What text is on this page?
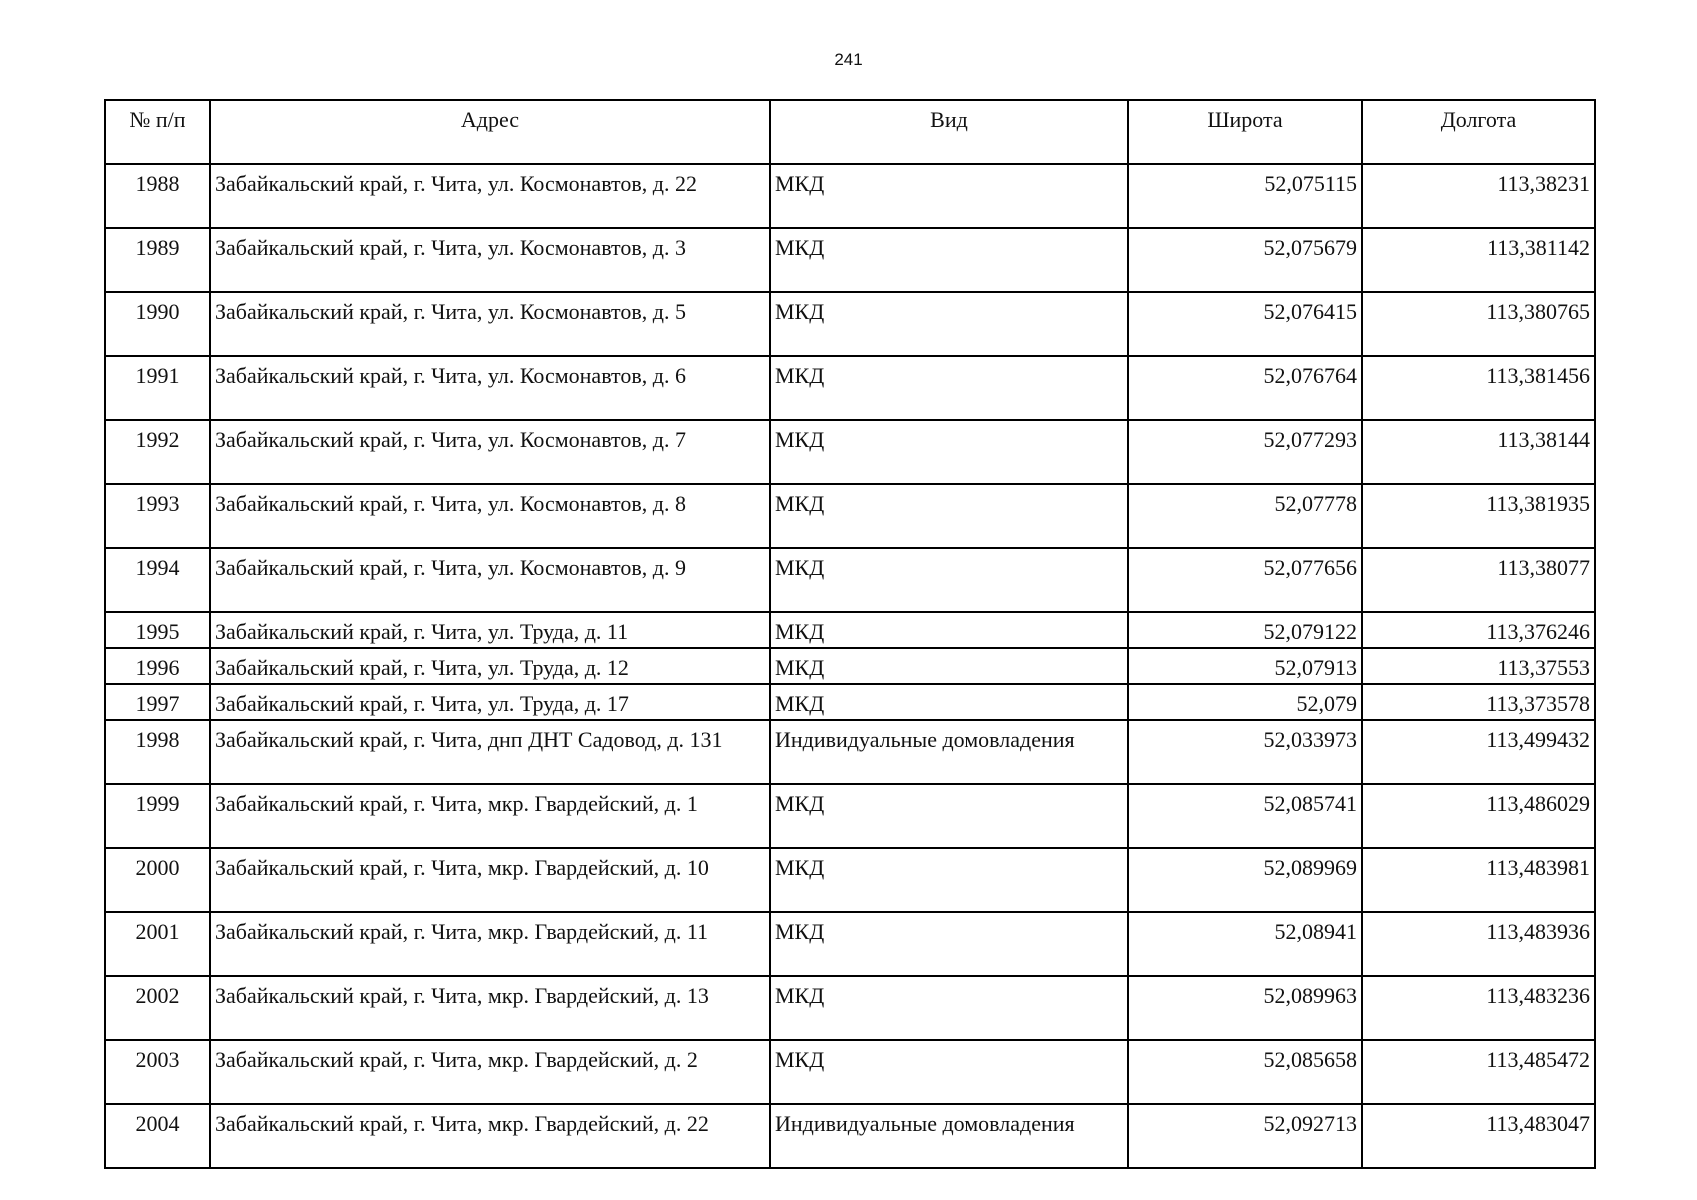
241
№ п/п	Адрес	Вид	Широта	Долгота
1988	Забайкальский край, г. Чита, ул. Космонавтов, д. 22	МКД	52,075115	113,38231
1989	Забайкальский край, г. Чита, ул. Космонавтов, д. 3	МКД	52,075679	113,381142
1990	Забайкальский край, г. Чита, ул. Космонавтов, д. 5	МКД	52,076415	113,380765
1991	Забайкальский край, г. Чита, ул. Космонавтов, д. 6	МКД	52,076764	113,381456
1992	Забайкальский край, г. Чита, ул. Космонавтов, д. 7	МКД	52,077293	113,38144
1993	Забайкальский край, г. Чита, ул. Космонавтов, д. 8	МКД	52,07778	113,381935
1994	Забайкальский край, г. Чита, ул. Космонавтов, д. 9	МКД	52,077656	113,38077
1995	Забайкальский край, г. Чита, ул. Труда, д. 11	МКД	52,079122	113,376246
1996	Забайкальский край, г. Чита, ул. Труда, д. 12	МКД	52,07913	113,37553
1997	Забайкальский край, г. Чита, ул. Труда, д. 17	МКД	52,079	113,373578
1998	Забайкальский край, г. Чита, днп ДНТ Садовод, д. 131	Индивидуальные домовладения	52,033973	113,499432
1999	Забайкальский край, г. Чита, мкр. Гвардейский, д. 1	МКД	52,085741	113,486029
2000	Забайкальский край, г. Чита, мкр. Гвардейский, д. 10	МКД	52,089969	113,483981
2001	Забайкальский край, г. Чита, мкр. Гвардейский, д. 11	МКД	52,08941	113,483936
2002	Забайкальский край, г. Чита, мкр. Гвардейский, д. 13	МКД	52,089963	113,483236
2003	Забайкальский край, г. Чита, мкр. Гвардейский, д. 2	МКД	52,085658	113,485472
2004	Забайкальский край, г. Чита, мкр. Гвардейский, д. 22	Индивидуальные домовладения	52,092713	113,483047
